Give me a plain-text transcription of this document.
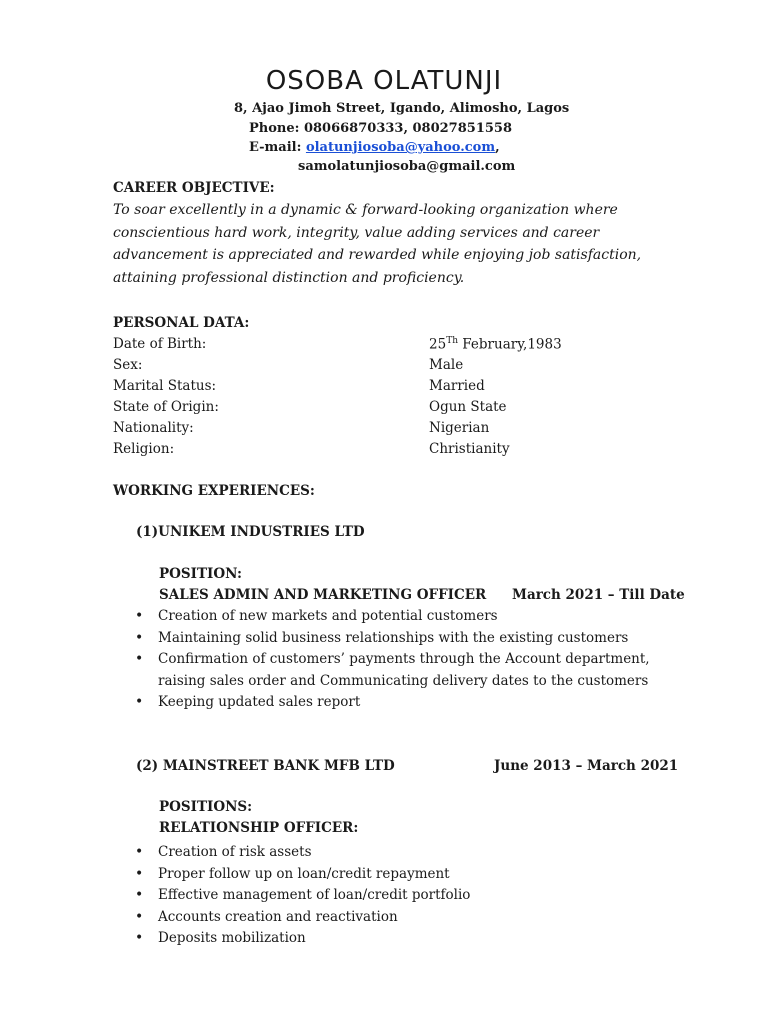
OSOBA OLATUNJI
8, Ajao Jimoh Street, Igando, Alimosho, Lagos
Phone: 08066870333, 08027851558
E-mail: olatunjiosoba@yahoo.com,
samolatunjiosoba@gmail.com
CAREER OBJECTIVE:
To soar excellently in a dynamic & forward-looking organization where conscientious hard work, integrity, value adding services and career advancement is appreciated and rewarded while enjoying job satisfaction, attaining professional distinction and proficiency.
PERSONAL DATA:
Date of Birth:	25Th February,1983
Sex:	Male
Marital Status:	Married
State of Origin:	Ogun State
Nationality:	Nigerian
Religion:	Christianity
WORKING EXPERIENCES:
(1)UNIKEM INDUSTRIES LTD
POSITION:
SALES ADMIN AND MARKETING OFFICER March 2021 – Till Date
• Creation of new markets and potential customers
• Maintaining solid business relationships with the existing customers
• Confirmation of customers’ payments through the Account department, raising sales order and Communicating delivery dates to the customers
• Keeping updated sales report
(2) MAINSTREET BANK MFB LTD	June 2013 – March 2021
POSITIONS:
RELATIONSHIP OFFICER:
• Creation of risk assets
• Proper follow up on loan/credit repayment
• Effective management of loan/credit portfolio
• Accounts creation and reactivation
• Deposits mobilization
